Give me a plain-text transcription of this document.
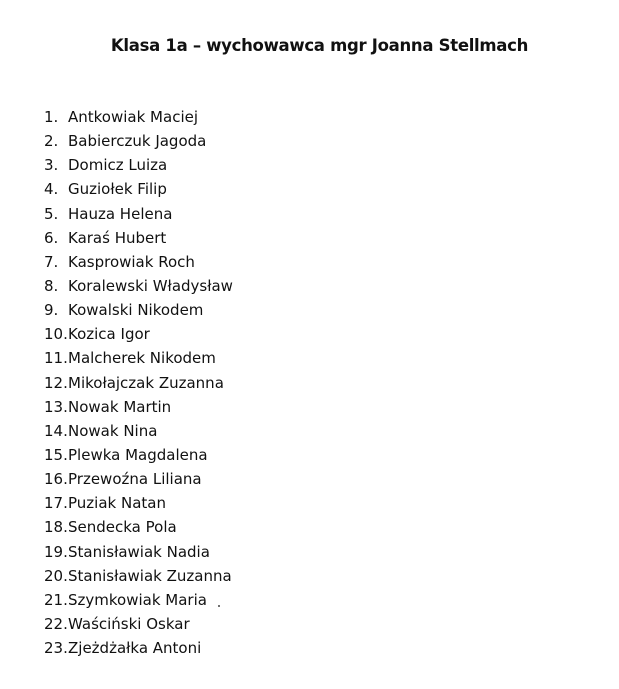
Klasa 1a – wychowawca mgr Joanna Stellmach
1. Antkowiak Maciej
2. Babierczuk Jagoda
3. Domicz Luiza
4. Guziołek Filip
5. Hauza Helena
6. Karaś Hubert
7. Kasprowiak Roch
8. Koralewski Władysław
9. Kowalski Nikodem
10. Kozica Igor
11. Malcherek Nikodem
12. Mikołajczak Zuzanna
13. Nowak Martin
14. Nowak Nina
15. Plewka Magdalena
16. Przewoźna Liliana
17. Puziak Natan
18. Sendecka Pola
19. Stanisławiak Nadia
20. Stanisławiak Zuzanna
21. Szymkowiak Maria
22. Waściński Oskar
23. Zjeżdżałka Antoni
